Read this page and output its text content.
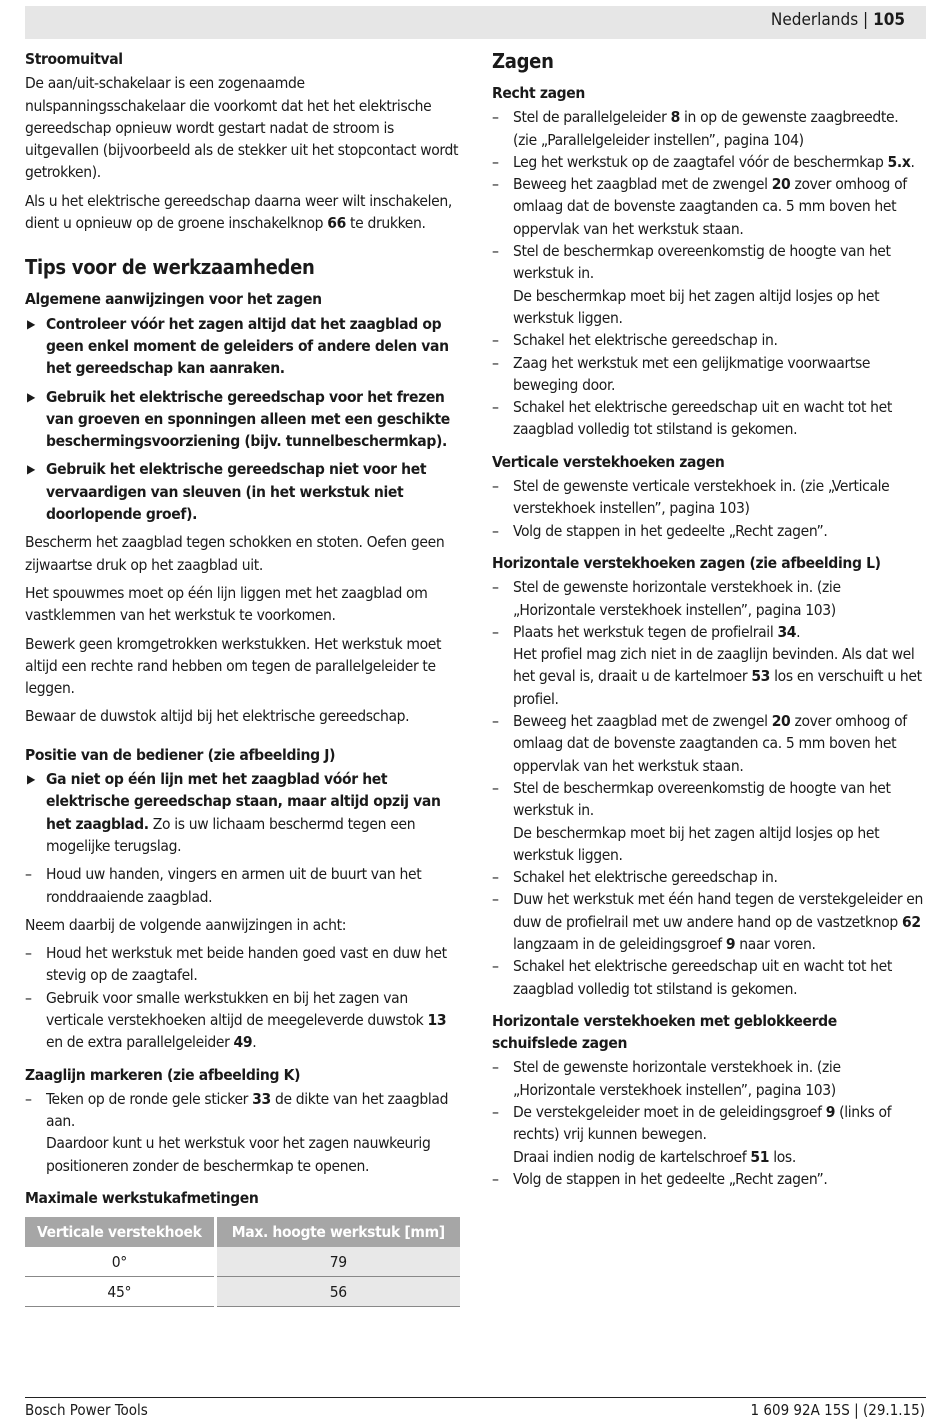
Nederlands | 105
Stroomuitval

De aan/uit-schakelaar is een zogenaamde nulspanningsschakelaar die voorkomt dat het het elektrische gereedschap opnieuw wordt gestart nadat de stroom is uitgevallen (bijvoorbeeld als de stekker uit het stopcontact wordt getrokken).

Als u het elektrische gereedschap daarna weer wilt inschakelen, dient u opnieuw op de groene inschakelknop 66 te drukken.

Tips voor de werkzaamheden
Algemene aanwijzingen voor het zagen
▶ Controleer vóór het zagen altijd dat het zaagblad op geen enkel moment de geleiders of andere delen van het gereedschap kan aanraken.
▶ Gebruik het elektrische gereedschap voor het frezen van groeven en sponningen alleen met een geschikte beschermingsvoorziening (bijv. tunnelbeschermkap).
▶ Gebruik het elektrische gereedschap niet voor het vervaardigen van sleuven (in het werkstuk niet doorlopende groef).

Bescherm het zaagblad tegen schokken en stoten. Oefen geen zijwaartse druk op het zaagblad uit.

Het spouwmes moet op één lijn liggen met het zaagblad om vastklemmen van het werkstuk te voorkomen.

Bewerk geen kromgetrokken werkstukken. Het werkstuk moet altijd een rechte rand hebben om tegen de parallelgeleider te leggen.

Bewaar de duwstok altijd bij het elektrische gereedschap.

Positie van de bediener (zie afbeelding J)
▶ Ga niet op één lijn met het zaagblad vóór het elektrische gereedschap staan, maar altijd opzij van het zaagblad. Zo is uw lichaam beschermd tegen een mogelijke terugslag.
– Houd uw handen, vingers en armen uit de buurt van het ronddraaiende zaagblad.

Neem daarbij de volgende aanwijzingen in acht:

– Houd het werkstuk met beide handen goed vast en duw het stevig op de zaagtafel.
– Gebruik voor smalle werkstukken en bij het zagen van verticale verstekhoeken altijd de meegeleverde duwstok 13 en de extra parallelgeleider 49.
Zaaglijn markeren (zie afbeelding K)
– Teken op de ronde gele sticker 33 de dikte van het zaagblad aan.
Daardoor kunt u het werkstuk voor het zagen nauwkeurig positioneren zonder de beschermkap te openen.
Maximale werkstukafmetingen
Verticale verstekhoek	Max. hoogte werkstuk [mm]
0°	79
45°	56
Zagen
Recht zagen
– Stel de parallelgeleider 8 in op de gewenste zaagbreedte. (zie „Parallelgeleider instellen”, pagina 104)
– Leg het werkstuk op de zaagtafel vóór de beschermkap 5.x.
– Beweeg het zaagblad met de zwengel 20 zover omhoog of omlaag dat de bovenste zaagtanden ca. 5 mm boven het oppervlak van het werkstuk staan.
– Stel de beschermkap overeenkomstig de hoogte van het werkstuk in.
De beschermkap moet bij het zagen altijd losjes op het werkstuk liggen.
– Schakel het elektrische gereedschap in.
– Zaag het werkstuk met een gelijkmatige voorwaartse beweging door.
– Schakel het elektrische gereedschap uit en wacht tot het zaagblad volledig tot stilstand is gekomen.
Verticale verstekhoeken zagen
– Stel de gewenste verticale verstekhoek in. (zie „Verticale verstekhoek instellen”, pagina 103)
– Volg de stappen in het gedeelte „Recht zagen”.
Horizontale verstekhoeken zagen (zie afbeelding L)
– Stel de gewenste horizontale verstekhoek in. (zie „Horizontale verstekhoek instellen”, pagina 103)
– Plaats het werkstuk tegen de profielrail 34.
Het profiel mag zich niet in de zaaglijn bevinden. Als dat wel het geval is, draait u de kartelmoer 53 los en verschuift u het profiel.
– Beweeg het zaagblad met de zwengel 20 zover omhoog of omlaag dat de bovenste zaagtanden ca. 5 mm boven het oppervlak van het werkstuk staan.
– Stel de beschermkap overeenkomstig de hoogte van het werkstuk in.
De beschermkap moet bij het zagen altijd losjes op het werkstuk liggen.
– Schakel het elektrische gereedschap in.
– Duw het werkstuk met één hand tegen de verstekgeleider en duw de profielrail met uw andere hand op de vastzetknop 62 langzaam in de geleidingsgroef 9 naar voren.
– Schakel het elektrische gereedschap uit en wacht tot het zaagblad volledig tot stilstand is gekomen.
Horizontale verstekhoeken met geblokkeerde schuifslede zagen
– Stel de gewenste horizontale verstekhoek in. (zie „Horizontale verstekhoek instellen”, pagina 103)
– De verstekgeleider moet in de geleidingsgroef 9 (links of rechts) vrij kunnen bewegen.
Draai indien nodig de kartelschroef 51 los.
– Volg de stappen in het gedeelte „Recht zagen”.
Bosch Power Tools	1 609 92A 15S | (29.1.15)
